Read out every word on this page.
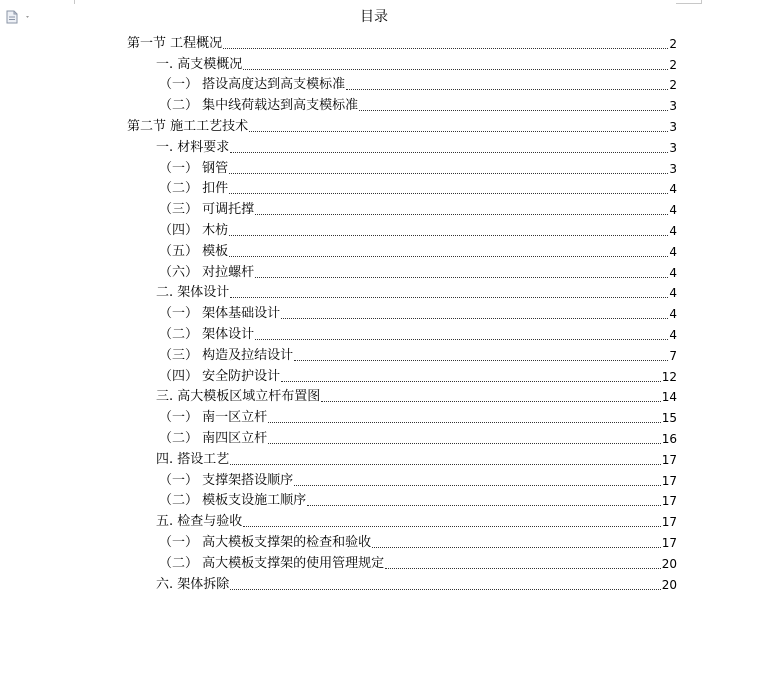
目录
第一节 工程概况	2
一. 高支模概况	2
（一） 搭设高度达到高支模标准	2
（二） 集中线荷载达到高支模标准	3
第二节 施工工艺技术	3
一. 材料要求	3
（一） 钢管	3
（二） 扣件	4
（三） 可调托撑	4
（四） 木枋	4
（五） 模板	4
（六） 对拉螺杆	4
二. 架体设计	4
（一） 架体基础设计	4
（二） 架体设计	4
（三） 构造及拉结设计	7
（四） 安全防护设计	12
三. 高大模板区域立杆布置图	14
（一） 南一区立杆	15
（二） 南四区立杆	16
四. 搭设工艺	17
（一） 支撑架搭设顺序	17
（二） 模板支设施工顺序	17
五. 检查与验收	17
（一） 高大模板支撑架的检查和验收	17
（二） 高大模板支撑架的使用管理规定	20
六. 架体拆除	20
